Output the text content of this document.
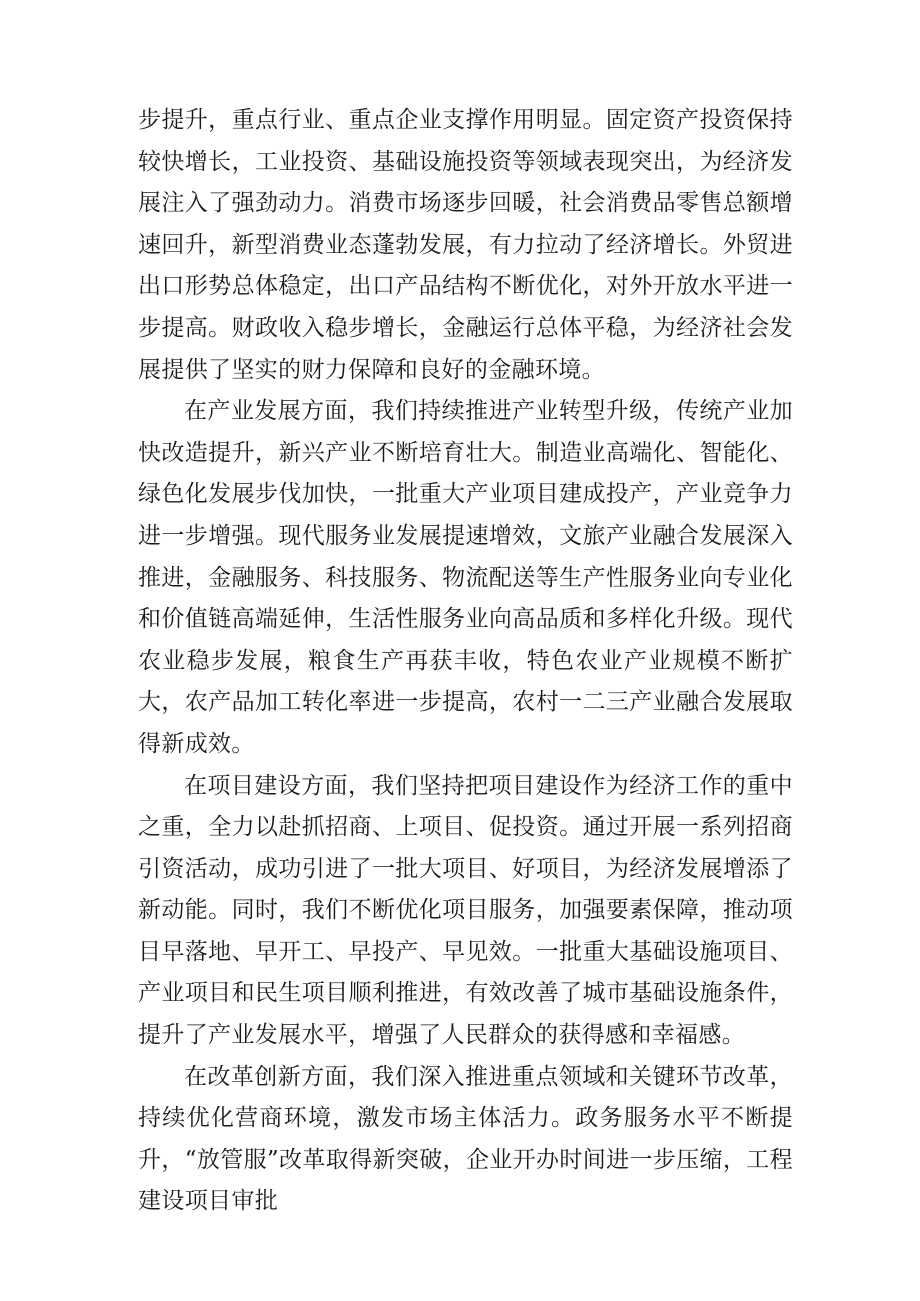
步提升，重点行业、重点企业支撑作用明显。固定资产投资保持较快增长，工业投资、基础设施投资等领域表现突出，为经济发展注入了强劲动力。消费市场逐步回暖，社会消费品零售总额增速回升，新型消费业态蓬勃发展，有力拉动了经济增长。外贸进出口形势总体稳定，出口产品结构不断优化，对外开放水平进一步提高。财政收入稳步增长，金融运行总体平稳，为经济社会发展提供了坚实的财力保障和良好的金融环境。

在产业发展方面，我们持续推进产业转型升级，传统产业加快改造提升，新兴产业不断培育壮大。制造业高端化、智能化、绿色化发展步伐加快，一批重大产业项目建成投产，产业竞争力进一步增强。现代服务业发展提速增效，文旅产业融合发展深入推进，金融服务、科技服务、物流配送等生产性服务业向专业化和价值链高端延伸，生活性服务业向高品质和多样化升级。现代农业稳步发展，粮食生产再获丰收，特色农业产业规模不断扩大，农产品加工转化率进一步提高，农村一二三产业融合发展取得新成效。

在项目建设方面，我们坚持把项目建设作为经济工作的重中之重，全力以赴抓招商、上项目、促投资。通过开展一系列招商引资活动，成功引进了一批大项目、好项目，为经济发展增添了新动能。同时，我们不断优化项目服务，加强要素保障，推动项目早落地、早开工、早投产、早见效。一批重大基础设施项目、产业项目和民生项目顺利推进，有效改善了城市基础设施条件，提升了产业发展水平，增强了人民群众的获得感和幸福感。

在改革创新方面，我们深入推进重点领域和关键环节改革，持续优化营商环境，激发市场主体活力。政务服务水平不断提升，“放管服”改革取得新突破，企业开办时间进一步压缩，工程建设项目审批
